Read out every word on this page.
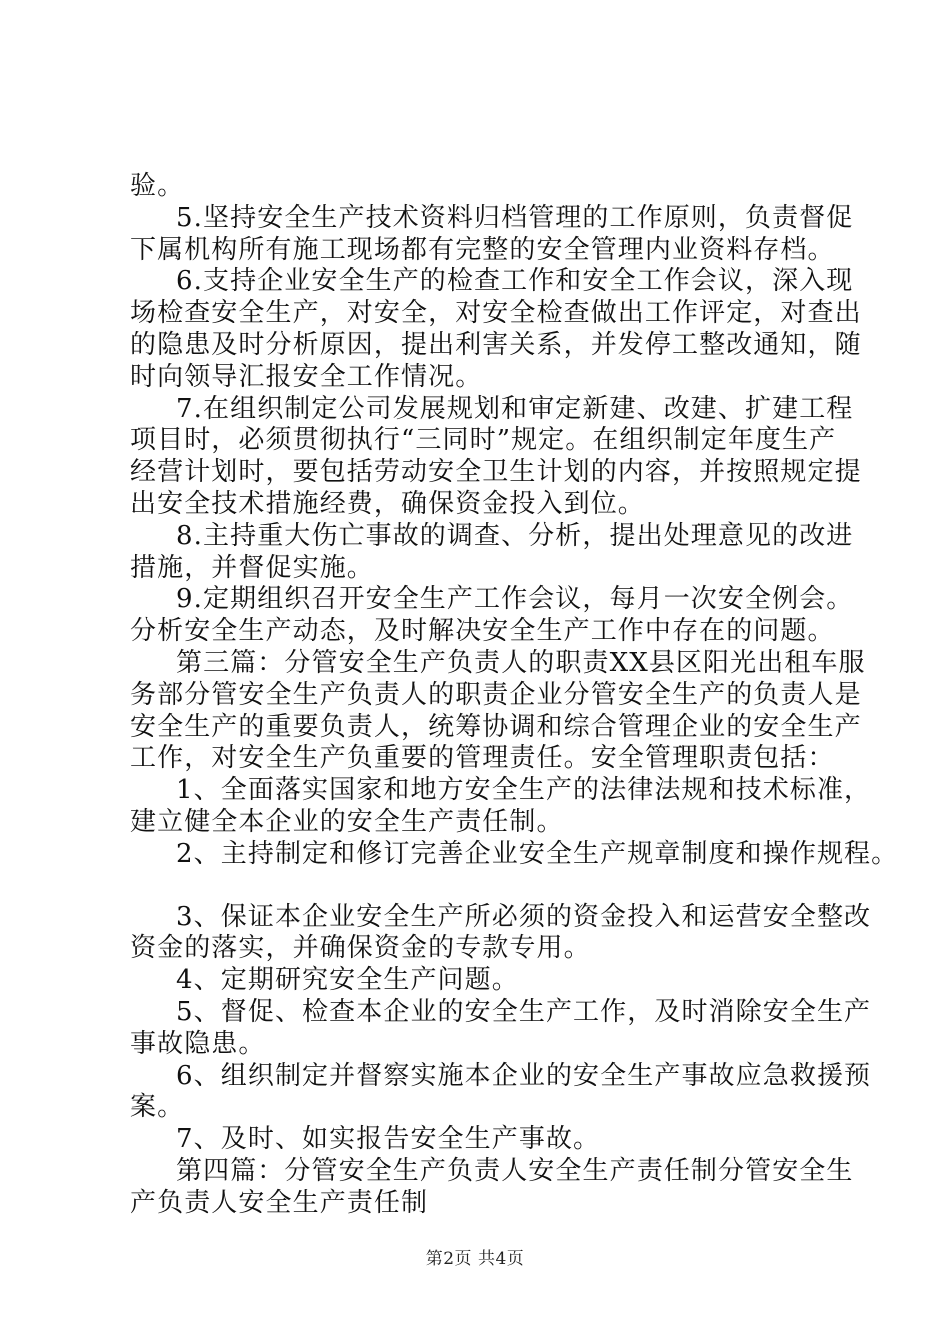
验。
5.坚持安全生产技术资料归档管理的工作原则，负责督促
下属机构所有施工现场都有完整的安全管理内业资料存档。
6.支持企业安全生产的检查工作和安全工作会议，深入现
场检查安全生产，对安全，对安全检查做出工作评定，对查出
的隐患及时分析原因，提出利害关系，并发停工整改通知，随
时向领导汇报安全工作情况。
7.在组织制定公司发展规划和审定新建、改建、扩建工程
项目时，必须贯彻执行“三同时”规定。在组织制定年度生产
经营计划时，要包括劳动安全卫生计划的内容，并按照规定提
出安全技术措施经费，确保资金投入到位。
8.主持重大伤亡事故的调查、分析，提出处理意见的改进
措施，并督促实施。
9.定期组织召开安全生产工作会议，每月一次安全例会。
分析安全生产动态，及时解决安全生产工作中存在的问题。
第三篇：分管安全生产负责人的职责XX县区阳光出租车服
务部分管安全生产负责人的职责企业分管安全生产的负责人是
安全生产的重要负责人，统筹协调和综合管理企业的安全生产
工作，对安全生产负重要的管理责任。安全管理职责包括：
1、全面落实国家和地方安全生产的法律法规和技术标准，
建立健全本企业的安全生产责任制。
2、主持制定和修订完善企业安全生产规章制度和操作规程。
3、保证本企业安全生产所必须的资金投入和运营安全整改
资金的落实，并确保资金的专款专用。
4、定期研究安全生产问题。
5、督促、检查本企业的安全生产工作，及时消除安全生产
事故隐患。
6、组织制定并督察实施本企业的安全生产事故应急救援预
案。
7、及时、如实报告安全生产事故。
第四篇：分管安全生产负责人安全生产责任制分管安全生
产负责人安全生产责任制
第2页 共4页
